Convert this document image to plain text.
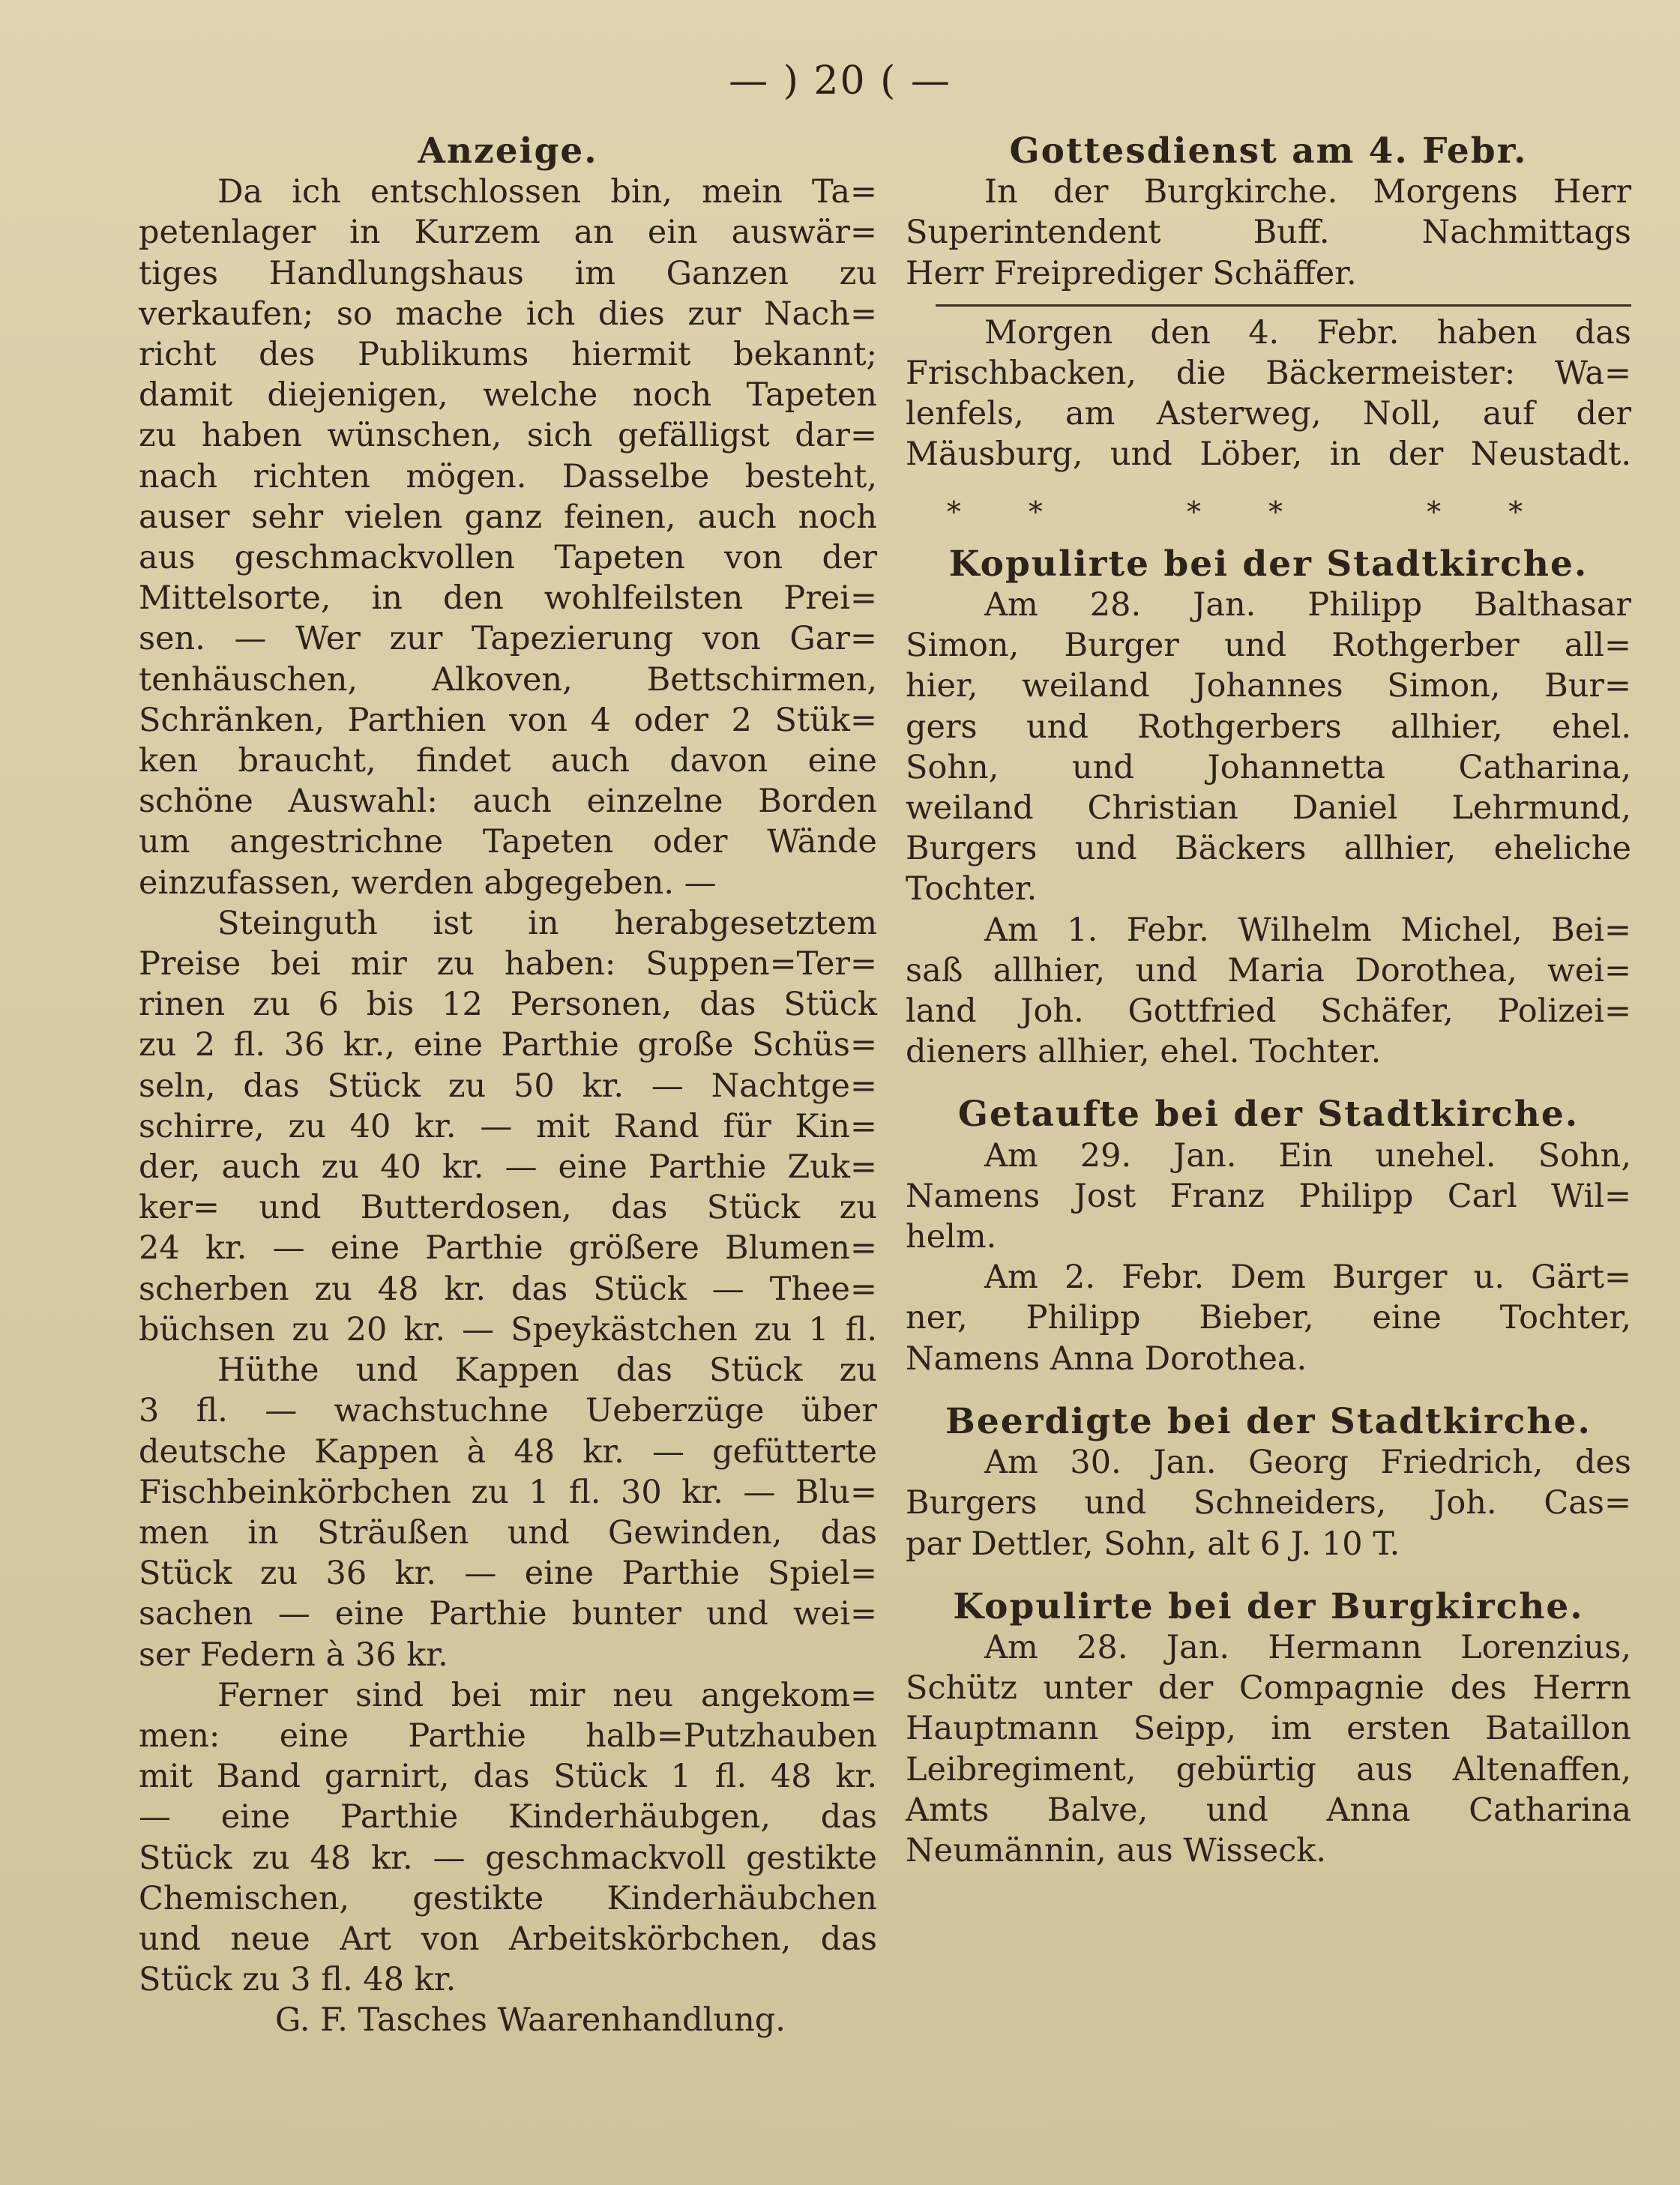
— ) 20 ( —
Anzeige.
Da ich entschlossen bin, mein Ta=
petenlager in Kurzem an ein auswär=
tiges Handlungshaus im Ganzen zu
verkaufen; so mache ich dies zur Nach=
richt des Publikums hiermit bekannt;
damit diejenigen, welche noch Tapeten
zu haben wünschen, sich gefälligst dar=
nach richten mögen. Dasselbe besteht,
auser sehr vielen ganz feinen, auch noch
aus geschmackvollen Tapeten von der
Mittelsorte, in den wohlfeilsten Prei=
sen. — Wer zur Tapezierung von Gar=
tenhäuschen, Alkoven, Bettschirmen,
Schränken, Parthien von 4 oder 2 Stük=
ken braucht, findet auch davon eine
schöne Auswahl: auch einzelne Borden
um angestrichne Tapeten oder Wände
einzufassen, werden abgegeben. —
Steinguth ist in herabgesetztem
Preise bei mir zu haben: Suppen=Ter=
rinen zu 6 bis 12 Personen, das Stück
zu 2 fl. 36 kr., eine Parthie große Schüs=
seln, das Stück zu 50 kr. — Nachtge=
schirre, zu 40 kr. — mit Rand für Kin=
der, auch zu 40 kr. — eine Parthie Zuk=
ker= und Butterdosen, das Stück zu
24 kr. — eine Parthie größere Blumen=
scherben zu 48 kr. das Stück — Thee=
büchsen zu 20 kr. — Speykästchen zu 1 fl.
Hüthe und Kappen das Stück zu
3 fl. — wachstuchne Ueberzüge über
deutsche Kappen à 48 kr. — gefütterte
Fischbeinkörbchen zu 1 fl. 30 kr. — Blu=
men in Sträußen und Gewinden, das
Stück zu 36 kr. — eine Parthie Spiel=
sachen — eine Parthie bunter und wei=
ser Federn à 36 kr.
Ferner sind bei mir neu angekom=
men: eine Parthie halb=Putzhauben
mit Band garnirt, das Stück 1 fl. 48 kr.
— eine Parthie Kinderhäubgen, das
Stück zu 48 kr. — geschmackvoll gestikte
Chemischen, gestikte Kinderhäubchen
und neue Art von Arbeitskörbchen, das
Stück zu 3 fl. 48 kr.
G. F. Tasches Waarenhandlung.
Gottesdienst am 4. Febr.
In der Burgkirche. Morgens Herr
Superintendent Buff. Nachmittags
Herr Freiprediger Schäffer.
Morgen den 4. Febr. haben das
Frischbacken, die Bäckermeister: Wa=
lenfels, am Asterweg, Noll, auf der
Mäusburg, und Löber, in der Neustadt.
** ** **
Kopulirte bei der Stadtkirche.
Am 28. Jan. Philipp Balthasar
Simon, Burger und Rothgerber all=
hier, weiland Johannes Simon, Bur=
gers und Rothgerbers allhier, ehel.
Sohn, und Johannetta Catharina,
weiland Christian Daniel Lehrmund,
Burgers und Bäckers allhier, eheliche
Tochter.
Am 1. Febr. Wilhelm Michel, Bei=
saß allhier, und Maria Dorothea, wei=
land Joh. Gottfried Schäfer, Polizei=
dieners allhier, ehel. Tochter.
Getaufte bei der Stadtkirche.
Am 29. Jan. Ein unehel. Sohn,
Namens Jost Franz Philipp Carl Wil=
helm.
Am 2. Febr. Dem Burger u. Gärt=
ner, Philipp Bieber, eine Tochter,
Namens Anna Dorothea.
Beerdigte bei der Stadtkirche.
Am 30. Jan. Georg Friedrich, des
Burgers und Schneiders, Joh. Cas=
par Dettler, Sohn, alt 6 J. 10 T.
Kopulirte bei der Burgkirche.
Am 28. Jan. Hermann Lorenzius,
Schütz unter der Compagnie des Herrn
Hauptmann Seipp, im ersten Bataillon
Leibregiment, gebürtig aus Altenaffen,
Amts Balve, und Anna Catharina
Neumännin, aus Wisseck.
